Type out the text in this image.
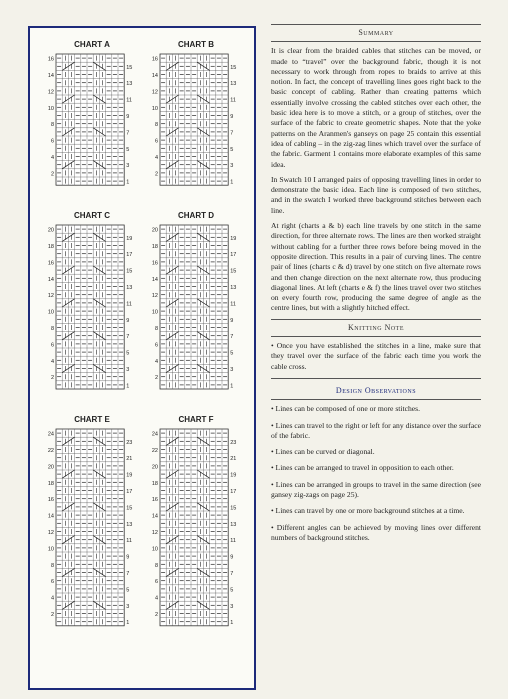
CHART A
16
14
12
10
8
6
4
2
15
13
11
9
7
5
3
1
CHART B
16
14
12
10
8
6
4
2
15
13
11
9
7
5
3
1
CHART C
20
18
16
14
12
10
8
6
4
2
19
17
15
13
11
9
7
5
3
1
CHART D
20
18
16
14
12
10
8
6
4
2
19
17
15
13
11
9
7
5
3
1
CHART E
24
22
20
18
16
14
12
10
8
6
4
2
23
21
19
17
15
13
11
9
7
5
3
1
CHART F
24
22
20
18
16
14
12
10
8
6
4
2
23
21
19
17
15
13
11
9
7
5
3
1
Summary

It is clear from the braided cables that stitches can be moved, or made to “travel” over the background fabric, though it is not necessary to work through from ropes to braids to arrive at this notion. In fact, the concept of travelling lines goes right back to the basic concept of cabling. Rather than creating patterns which essentially involve crossing the cabled stitches over each other, the basic idea here is to move a stitch, or a group of stitches, over the surface of the fabric to create geometric shapes. Note that the yoke patterns on the Aranmen's ganseys on page 25 contain this essential idea of cabling – in the zig-zag lines which travel over the surface of the fabric. Garment 1 contains more elaborate examples of this same idea.

In Swatch 10 I arranged pairs of opposing travelling lines in order to demonstrate the basic idea. Each line is composed of two stitches, and in the swatch I worked three background stitches between each line.

At right (charts a & b) each line travels by one stitch in the same direction, for three alternate rows. The lines are then worked straight without cabling for a further three rows before being moved in the opposite direction. This results in a pair of curving lines. The centre pair of lines (charts c & d) travel by one stitch on five alternate rows and then change direction on the next alternate row, thus producing diagonal lines. At left (charts e & f) the lines travel over two stitches on every fourth row, producing the same degree of angle as the centre lines, but with a slightly hitched effect.

Knitting Note

• Once you have established the stitches in a line, make sure that they travel over the surface of the fabric each time you work the cable cross.

Design Observations

• Lines can be composed of one or more stitches.

• Lines can travel to the right or left for any distance over the surface of the fabric.

• Lines can be curved or diagonal.

• Lines can be arranged to travel in opposition to each other.

• Lines can be arranged in groups to travel in the same direction (see gansey zig-zags on page 25).

• Lines can travel by one or more background stitches at a time.

• Different angles can be achieved by moving lines over different numbers of background stitches.
